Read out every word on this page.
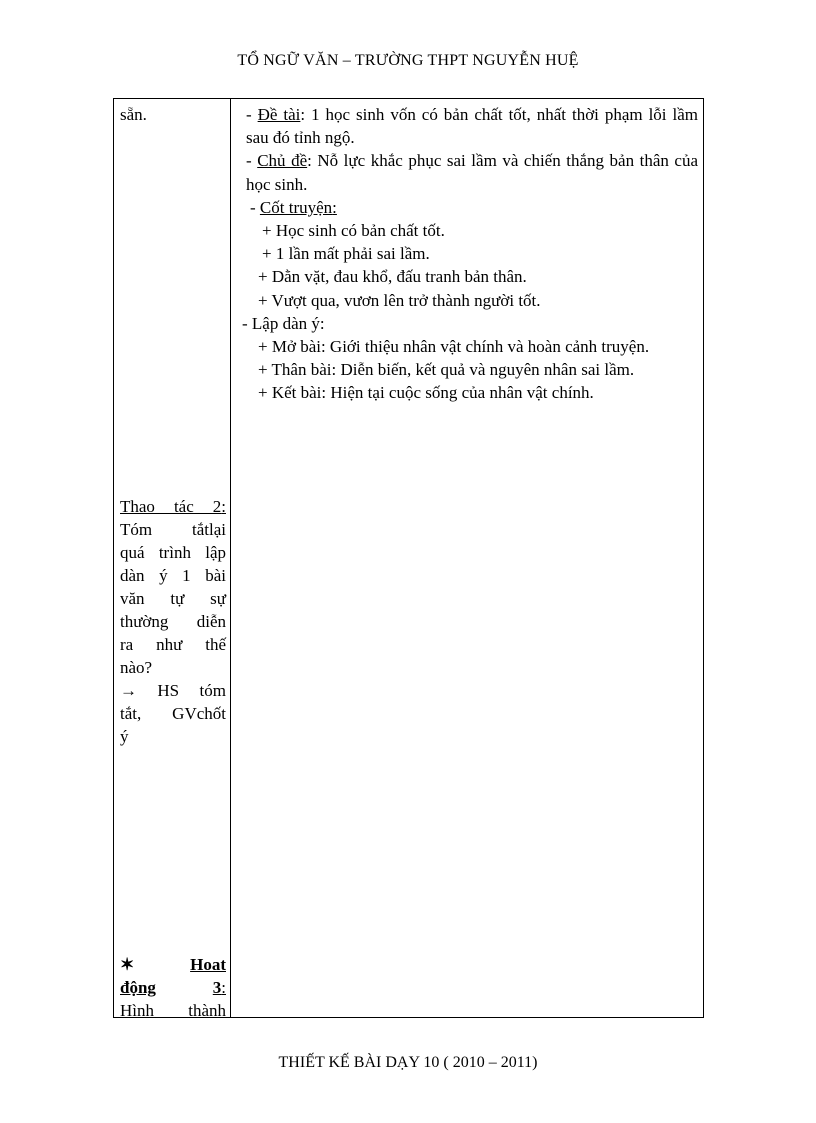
TỔ NGỮ VĂN – TRƯỜNG THPT NGUYỄN HUỆ
sẵn.
Thao tác 2:
Tóm tắtlại
quá trình lập
dàn ý 1 bài
văn tự sự
thường diễn
ra như thế
nào?
→ HS tóm
tắt, GVchốt
ý
✶	Hoat
động	3:
Hình thành

- Đề tài: 1 học sinh vốn có bản chất tốt, nhất thời phạm lỗi lầm sau đó tỉnh ngộ.

- Chủ đề: Nỗ lực khắc phục sai lầm và chiến thắng bản thân của học sinh.

- Cốt truyện:

+ Học sinh có bản chất tốt.

+ 1 lần mất phải sai lầm.

+ Dằn vặt, đau khổ, đấu tranh bản thân.

+ Vượt qua, vươn lên trở thành người tốt.

- Lập dàn ý:

+ Mở bài: Giới thiệu nhân vật chính và hoàn cảnh truyện.

+ Thân bài: Diễn biến, kết quả và nguyên nhân sai lầm.

+ Kết bài: Hiện tại cuộc sống của nhân vật chính.

THIẾT KẾ BÀI DẠY 10 ( 2010 – 2011)
